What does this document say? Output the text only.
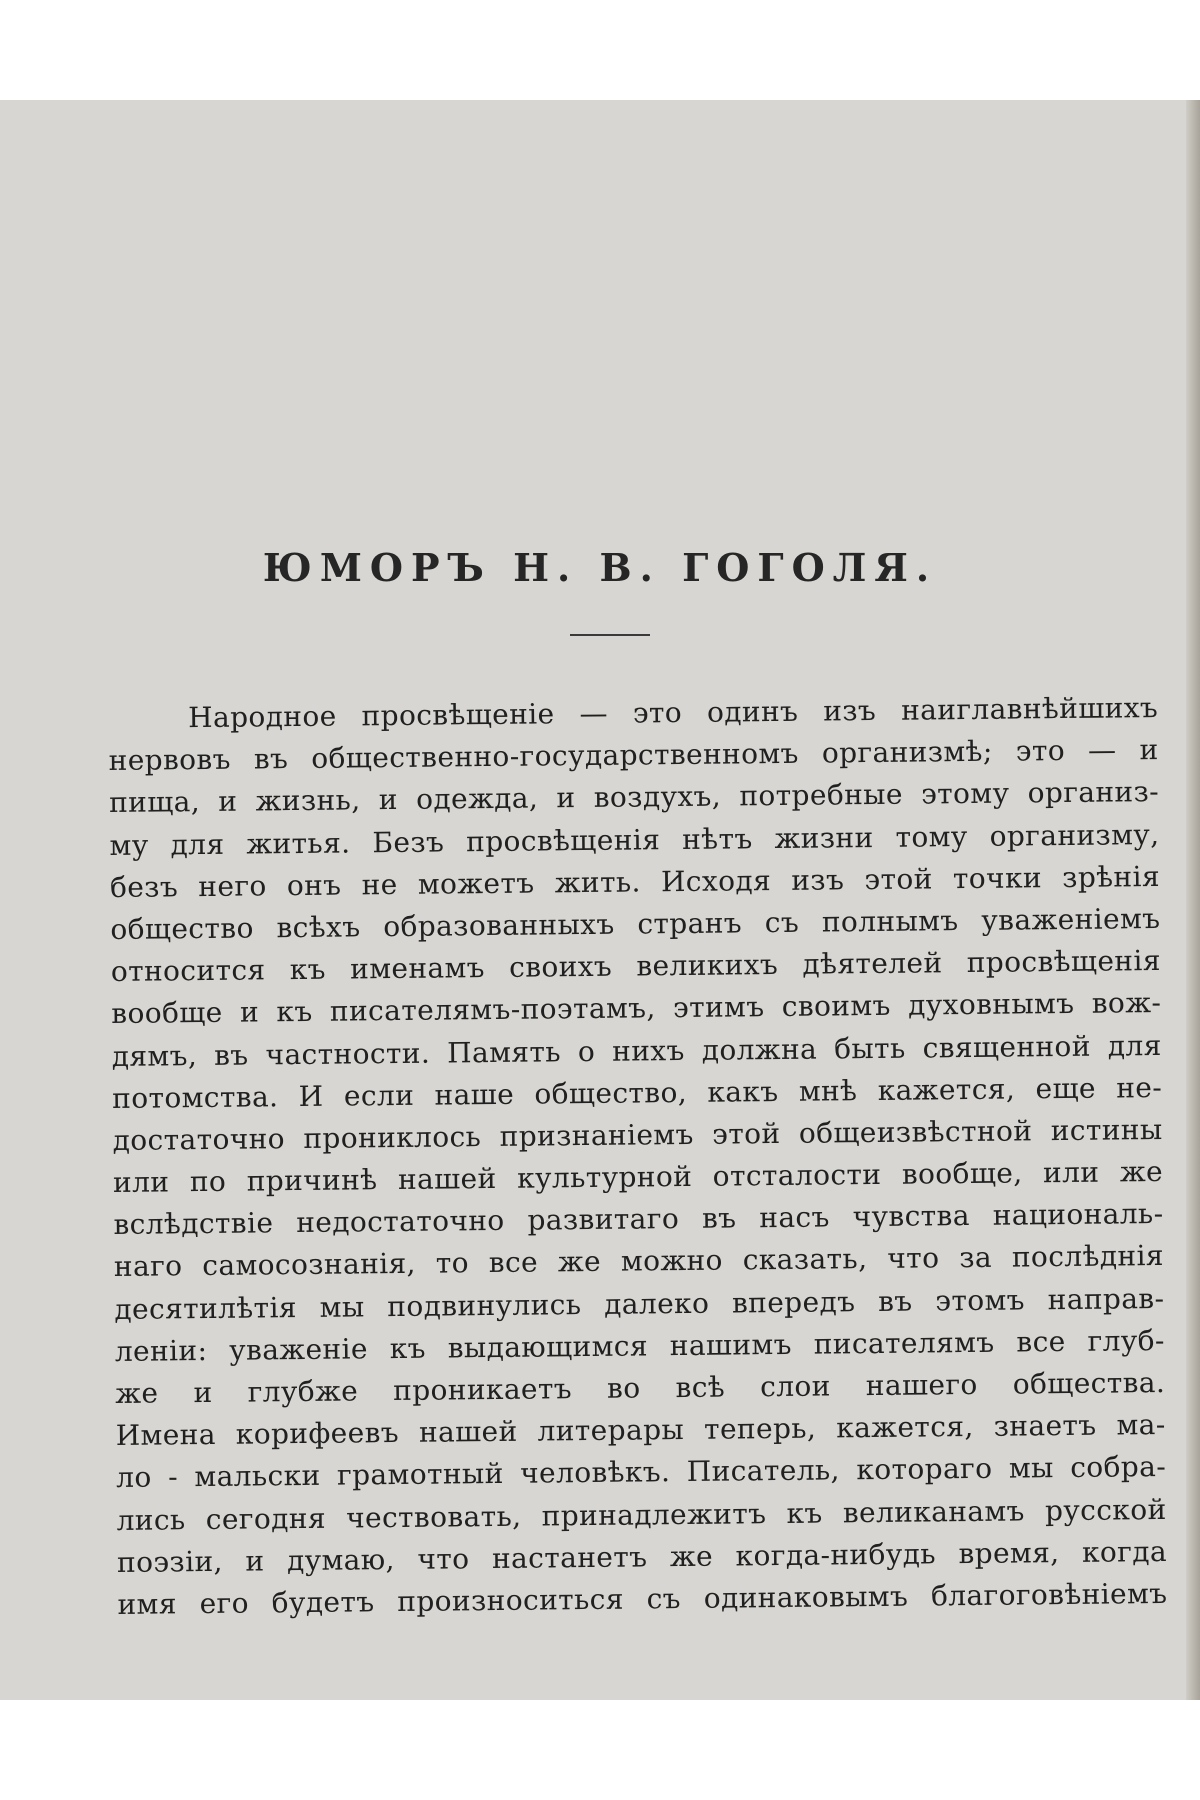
ЮМОРЪ Н. В. ГОГОЛЯ.
Народное просвѣщеніе — это одинъ изъ наиглавнѣйшихъ
нервовъ въ общественно-государственномъ организмѣ; это — и
пища, и жизнь, и одежда, и воздухъ, потребные этому организ-
му для житья. Безъ просвѣщенія нѣтъ жизни тому организму,
безъ него онъ не можетъ жить. Исходя изъ этой точки зрѣнія
общество всѣхъ образованныхъ странъ съ полнымъ уваженіемъ
относится къ именамъ своихъ великихъ дѣятелей просвѣщенія
вообще и къ писателямъ-поэтамъ, этимъ своимъ духовнымъ вож-
дямъ, въ частности. Память о нихъ должна быть священной для
потомства. И если наше общество, какъ мнѣ кажется, еще не-
достаточно прониклось признаніемъ этой общеизвѣстной истины
или по причинѣ нашей культурной отсталости вообще, или же
вслѣдствіе недостаточно развитаго въ насъ чувства националь-
наго самосознанія, то все же можно сказать, что за послѣднія
десятилѣтія мы подвинулись далеко впередъ въ этомъ направ-
леніи: уваженіе къ выдающимся нашимъ писателямъ все глуб-
же и глубже проникаетъ во всѣ слои нашего общества.
Имена корифеевъ нашей литерары теперь, кажется, знаетъ ма-
ло - мальски грамотный человѣкъ. Писатель, котораго мы собра-
лись сегодня чествовать, принадлежитъ къ великанамъ русской
поэзіи, и думаю, что настанетъ же когда-нибудь время, когда
имя его будетъ произноситься съ одинаковымъ благоговѣніемъ
